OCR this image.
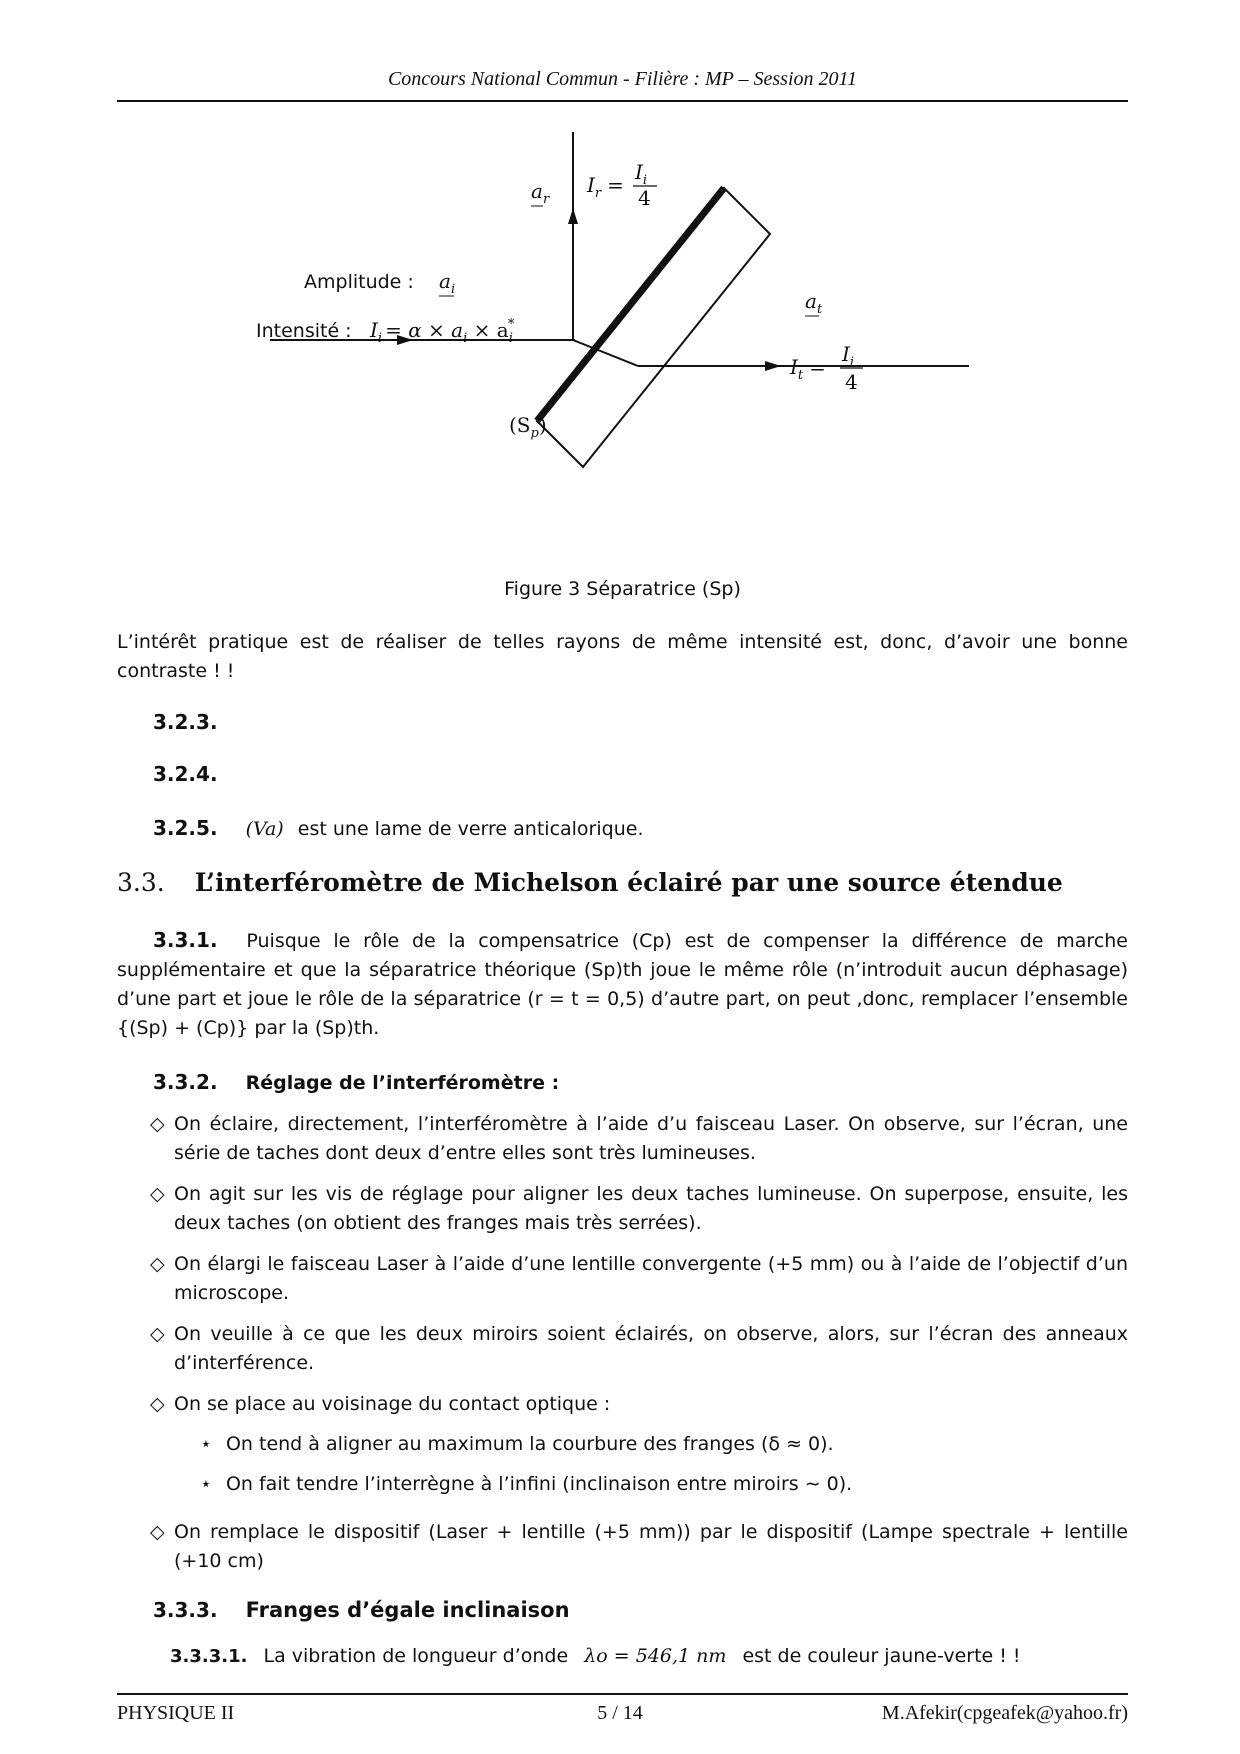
Concours National Commun - Filière : MP – Session 2011
$a_r$
$I_r$ =
$I_i$
4
Amplitude : $a_i$
Intensité : $I_i = \alpha \times a_i \times a_i*$
$a_t$
$I_t$ =
$I_i$
4
$(S_p)$
Figure 3 Séparatrice (Sp)
L’intérêt pratique est de réaliser de telles rayons de même intensité est, donc, d’avoir une bonne contraste ! !
3.2.3.
3.2.4.
3.2.5. (Va) est une lame de verre anticalorique.
3.3. L’interféromètre de Michelson éclairé par une source étendue
3.3.1. Puisque le rôle de la compensatrice (Cp) est de compenser la différence de marche supplémentaire et que la séparatrice théorique (Sp)th joue le même rôle (n’introduit aucun déphasage) d’une part et joue le rôle de la séparatrice (r = t = 0,5) d’autre part, on peut ,donc, remplacer l’ensemble {(Sp) + (Cp)} par la (Sp)th.
3.3.2. Réglage de l’interféromètre :
◇ On éclaire, directement, l’interféromètre à l’aide d’u faisceau Laser. On observe, sur l’écran, une série de taches dont deux d’entre elles sont très lumineuses.
◇ On agit sur les vis de réglage pour aligner les deux taches lumineuse. On superpose, ensuite, les deux taches (on obtient des franges mais très serrées).
◇ On élargi le faisceau Laser à l’aide d’une lentille convergente (+5 mm) ou à l’aide de l’objectif d’un microscope.
◇ On veuille à ce que les deux miroirs soient éclairés, on observe, alors, sur l’écran des anneaux d’interférence.
◇ On se place au voisinage du contact optique :
⋆ On tend à aligner au maximum la courbure des franges (δ ≈ 0).
⋆ On fait tendre l’interrègne à l’infini (inclinaison entre miroirs ∼ 0).
◇ On remplace le dispositif (Laser + lentille (+5 mm)) par le dispositif (Lampe spectrale + lentille (+10 cm)
3.3.3. Franges d’égale inclinaison
3.3.3.1. La vibration de longueur d’onde λo = 546,1 nm est de couleur jaune-verte ! !
PHYSIQUE II	5 / 14	M.Afekir(cpgeafek@yahoo.fr)
